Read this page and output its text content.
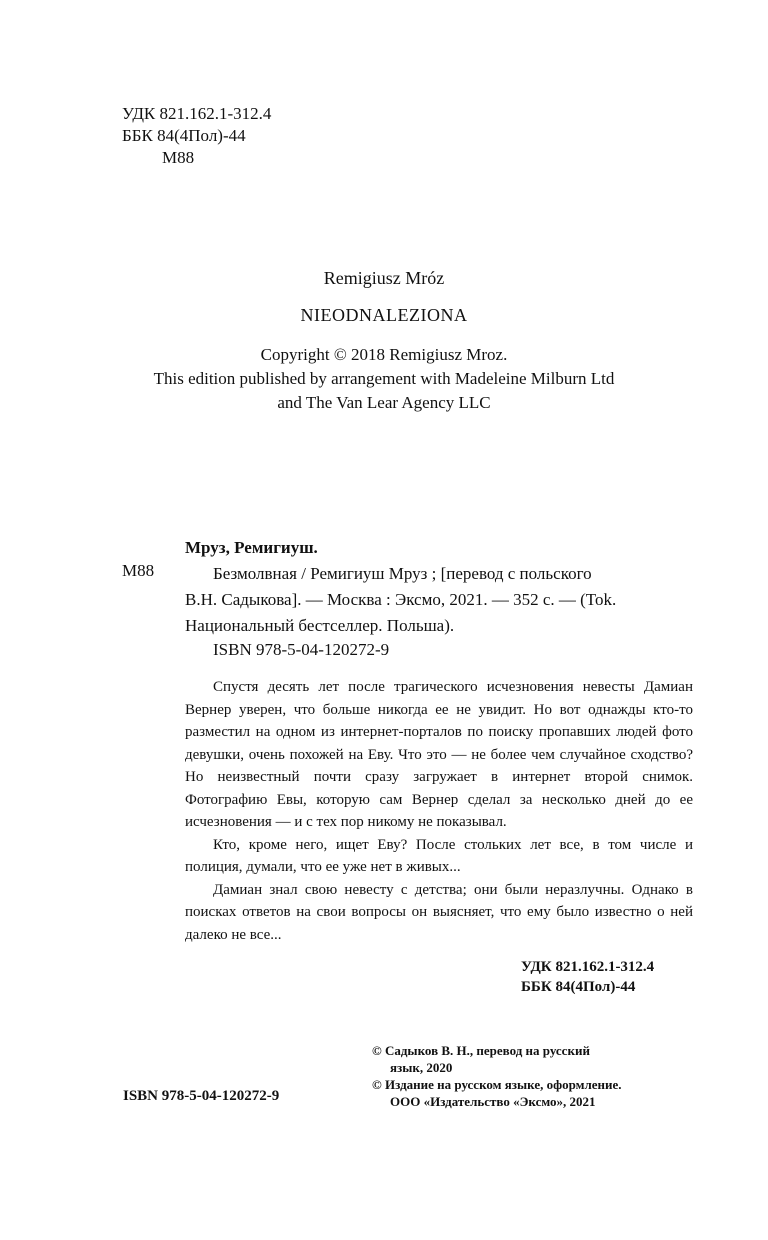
УДК 821.162.1-312.4
ББК 84(4Пол)-44
М88
Remigiusz Mróz
NIEODNALEZIONA
Copyright © 2018 Remigiusz Mroz.
This edition published by arrangement with Madeleine Milburn Ltd
and The Van Lear Agency LLC
М88
Мруз, Ремигиуш.
Безмолвная / Ремигиуш Мруз ; [перевод с польского
В.Н. Садыкова]. — Москва : Эксмо, 2021. — 352 с. — (Tok.
Национальный бестселлер. Польша).
ISBN 978-5-04-120272-9

Спустя десять лет после трагического исчезновения невесты Дамиан Вернер уверен, что больше никогда ее не увидит. Но вот однажды кто-то разместил на одном из интернет-порталов по поиску пропавших людей фото девушки, очень похожей на Еву. Что это — не более чем случайное сходство? Но неизвестный почти сразу загружает в интернет второй снимок. Фотографию Евы, которую сам Вернер сделал за несколько дней до ее исчезновения — и с тех пор никому не показывал.

Кто, кроме него, ищет Еву? После стольких лет все, в том числе и полиция, думали, что ее уже нет в живых...

Дамиан знал свою невесту с детства; они были неразлучны. Однако в поисках ответов на свои вопросы он выясняет, что ему было известно о ней далеко не все...

УДК 821.162.1-312.4
ББК 84(4Пол)-44
© Садыков В. Н., перевод на русский
язык, 2020
© Издание на русском языке, оформление.
ООО «Издательство «Эксмо», 2021
ISBN 978-5-04-120272-9
